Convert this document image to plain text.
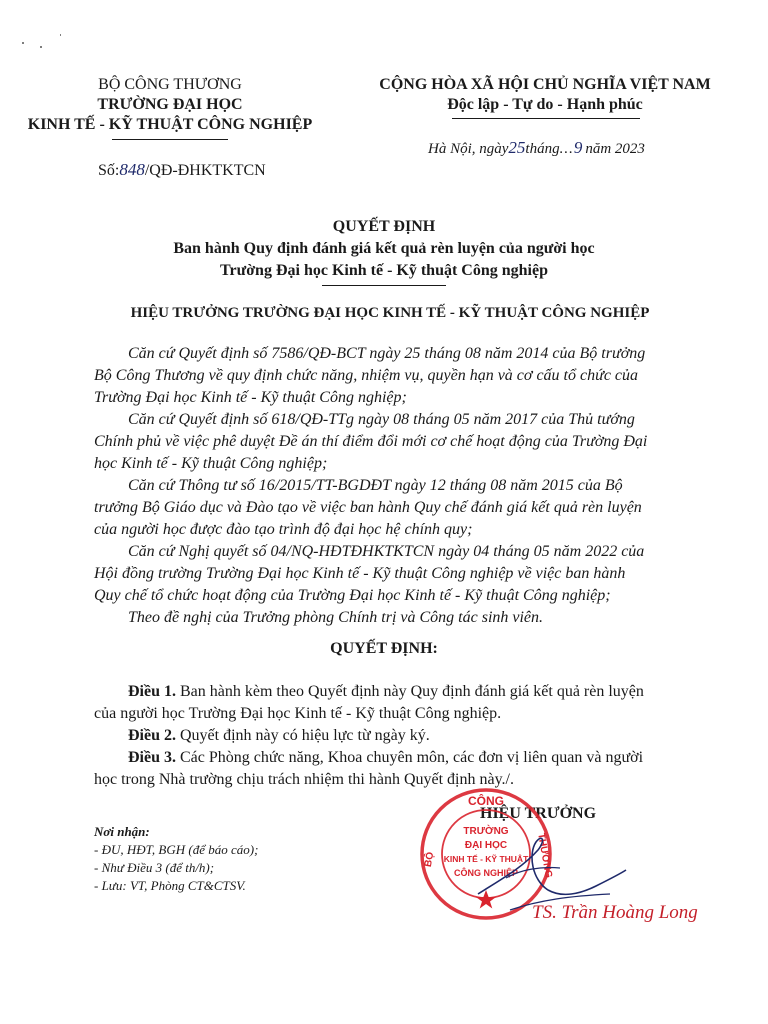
BỘ CÔNG THƯƠNG
TRƯỜNG ĐẠI HỌC
KINH TẾ - KỸ THUẬT CÔNG NGHIỆP
Số:848/QĐ-ĐHKTKTCN
CỘNG HÒA XÃ HỘI CHỦ NGHĨA VIỆT NAM
Độc lập - Tự do - Hạnh phúc
Hà Nội, ngày25tháng...9 năm 2023
QUYẾT ĐỊNH
Ban hành Quy định đánh giá kết quả rèn luyện của người học
Trường Đại học Kinh tế - Kỹ thuật Công nghiệp
HIỆU TRƯỞNG TRƯỜNG ĐẠI HỌC KINH TẾ - KỸ THUẬT CÔNG NGHIỆP
Căn cứ Quyết định số 7586/QĐ-BCT ngày 25 tháng 08 năm 2014 của Bộ trưởng
Bộ Công Thương về quy định chức năng, nhiệm vụ, quyền hạn và cơ cấu tổ chức của
Trường Đại học Kinh tế - Kỹ thuật Công nghiệp;
Căn cứ Quyết định số 618/QĐ-TTg ngày 08 tháng 05 năm 2017 của Thủ tướng
Chính phủ về việc phê duyệt Đề án thí điểm đổi mới cơ chế hoạt động của Trường Đại
học Kinh tế - Kỹ thuật Công nghiệp;
Căn cứ Thông tư số 16/2015/TT-BGDĐT ngày 12 tháng 08 năm 2015 của Bộ
trưởng Bộ Giáo dục và Đào tạo về việc ban hành Quy chế đánh giá kết quả rèn luyện
của người học được đào tạo trình độ đại học hệ chính quy;
Căn cứ Nghị quyết số 04/NQ-HĐTĐHKTKTCN ngày 04 tháng 05 năm 2022 của
Hội đồng trường Trường Đại học Kinh tế - Kỹ thuật Công nghiệp về việc ban hành
Quy chế tổ chức hoạt động của Trường Đại học Kinh tế - Kỹ thuật Công nghiệp;
Theo đề nghị của Trưởng phòng Chính trị và Công tác sinh viên.
QUYẾT ĐỊNH:
Điều 1. Ban hành kèm theo Quyết định này Quy định đánh giá kết quả rèn luyện
của người học Trường Đại học Kinh tế - Kỹ thuật Công nghiệp.
Điều 2. Quyết định này có hiệu lực từ ngày ký.
Điều 3. Các Phòng chức năng, Khoa chuyên môn, các đơn vị liên quan và người
học trong Nhà trường chịu trách nhiệm thi hành Quyết định này./.
Nơi nhận:
- ĐU, HĐT, BGH (để báo cáo);
- Như Điều 3 (để th/h);
- Lưu: VT, Phòng CT&CTSV.
HIỆU TRƯỞNG
CÔNG
BỘ	THƯƠNG
TRƯỜNG
ĐẠI HỌC
KINH TẾ - KỸ THUẬT
CÔNG NGHIỆP
TS. Trần Hoàng Long
